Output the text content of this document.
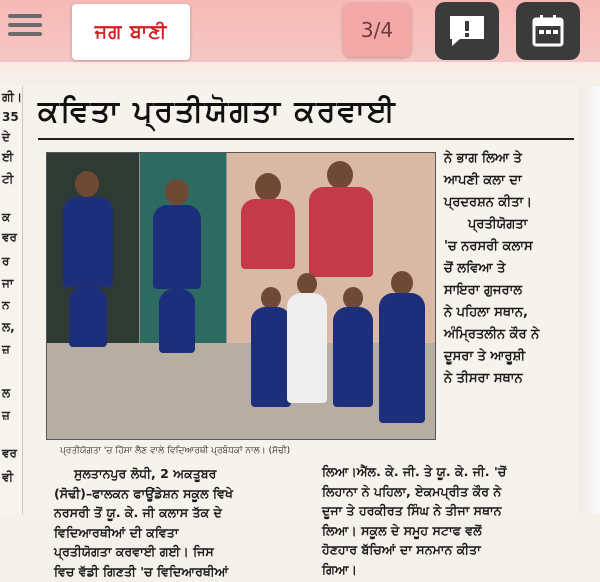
ਜਗ ਬਾਣੀ	3/4
ਗੀ।
35
ਦੇ
ਈ
ਟੀ
ਕ
ਵਰ
ਰ
ਜਾ
ਨ
ਲ,
ਜ਼
ਲ
ਜ਼
ਵਰ
ਵੀ
ਕਵਿਤਾ ਪ੍ਰਤੀਯੋਗਤਾ ਕਰਵਾਈ
ਪ੍ਰਤੀਯੋਗਤਾ 'ਚ ਹਿੱਸਾ ਲੈਣ ਵਾਲੇ ਵਿਦਿਆਰਥੀ ਪ੍ਰਬੰਧਕਾਂ ਨਾਲ। (ਸੋਢੀ)
ਨੇ ਭਾਗ ਲਿਆ ਤੇ
ਆਪਣੀ ਕਲਾ ਦਾ
ਪ੍ਰਦਰਸ਼ਨ ਕੀਤਾ।
ਪ੍ਰਤੀਯੋਗਤਾ
'ਚ ਨਰਸਰੀ ਕਲਾਸ
ਚੋਂ ਲਵਿਆ ਤੇ
ਸਾਇਰਾ ਗੁਜਰਾਲ
ਨੇ ਪਹਿਲਾ ਸਥਾਨ,
ਅੰਮ੍ਰਿਤਲੀਨ ਕੌਰ ਨੇ
ਦੂਸਰਾ ਤੇ ਆਰੂਸ਼ੀ
ਨੇ ਤੀਸਰਾ ਸਥਾਨ
ਸੁਲਤਾਨਪੁਰ ਲੋਧੀ, 2 ਅਕਤੂਬਰ
(ਸੋਢੀ)–ਫਾਲਕਨ ਫਾਊਂਡੇਸ਼ਨ ਸਕੂਲ ਵਿਖੇ
ਨਰਸਰੀ ਤੋਂ ਯੂ. ਕੇ. ਜੀ ਕਲਾਸ ਤੱਕ ਦੇ
ਵਿਦਿਆਰਥੀਆਂ ਦੀ ਕਵਿਤਾ
ਪ੍ਰਤੀਯੋਗਤਾ ਕਰਵਾਈ ਗਈ। ਜਿਸ
ਵਿਚ ਵੱਡੀ ਗਿਣਤੀ 'ਚ ਵਿਦਿਆਰਥੀਆਂ
ਲਿਆ।ਐੱਲ. ਕੇ. ਜੀ. ਤੇ ਯੂ. ਕੇ. ਜੀ. 'ਚੋਂ
ਲਿਹਾਨਾ ਨੇ ਪਹਿਲਾ, ਏਕਮਪ੍ਰੀਤ ਕੌਰ ਨੇ
ਦੂਜਾ ਤੇ ਹਰਕੀਰਤ ਸਿੰਘ ਨੇ ਤੀਜਾ ਸਥਾਨ
ਲਿਆ। ਸਕੂਲ ਦੇ ਸਮੂਹ ਸਟਾਫ ਵਲੋਂ
ਹੋਣਹਾਰ ਬੱਚਿਆਂ ਦਾ ਸਨਮਾਨ ਕੀਤਾ
ਗਿਆ।
